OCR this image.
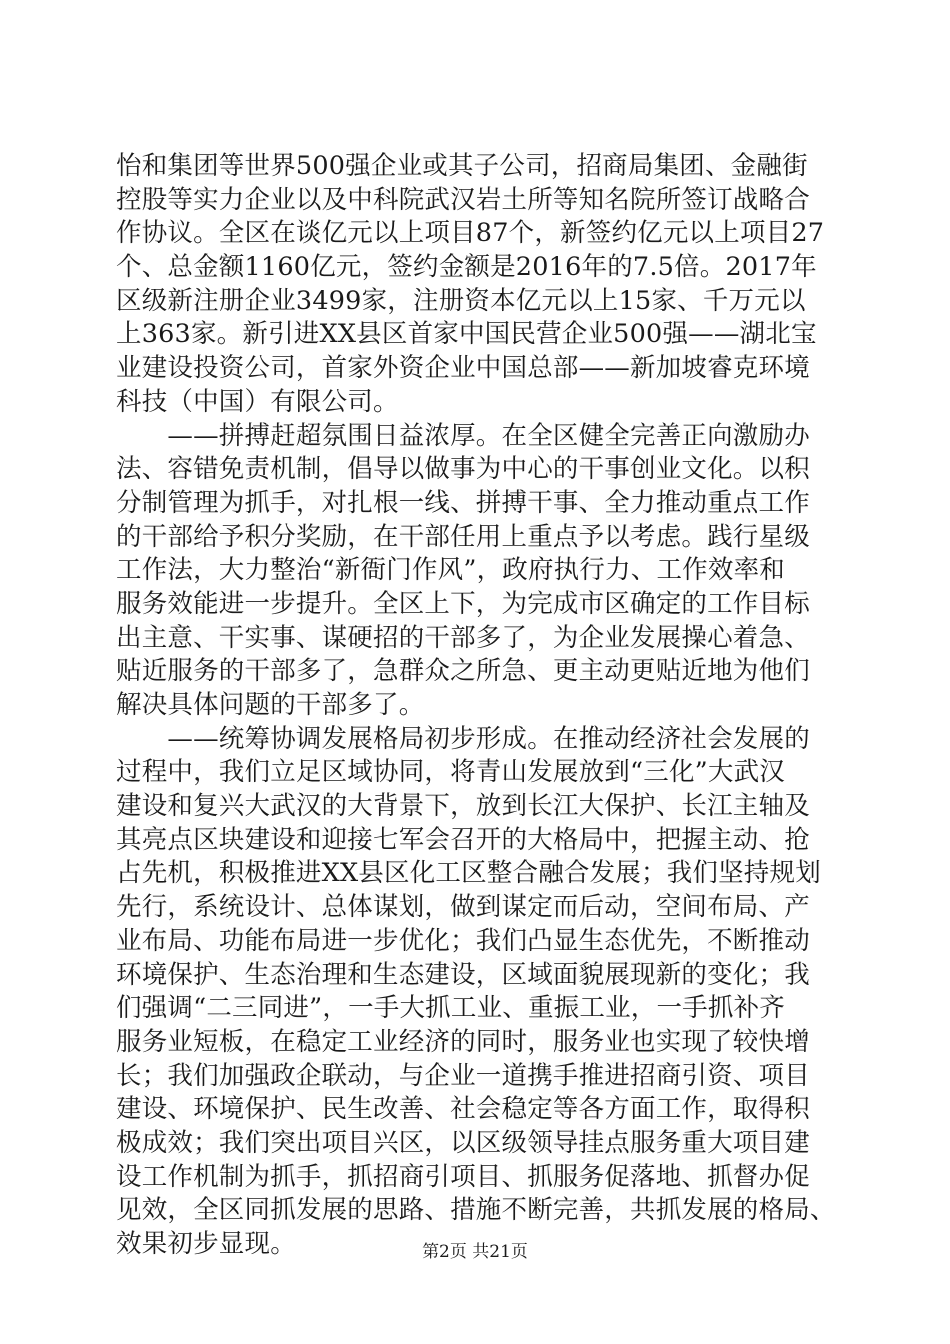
怡和集团等世界500强企业或其子公司，招商局集团、金融街
控股等实力企业以及中科院武汉岩土所等知名院所签订战略合
作协议。全区在谈亿元以上项目87个，新签约亿元以上项目27
个、总金额1160亿元，签约金额是2016年的7.5倍。2017年
区级新注册企业3499家，注册资本亿元以上15家、千万元以
上363家。新引进XX县区首家中国民营企业500强——湖北宝
业建设投资公司，首家外资企业中国总部——新加坡睿克环境
科技（中国）有限公司。
　　——拼搏赶超氛围日益浓厚。在全区健全完善正向激励办
法、容错免责机制，倡导以做事为中心的干事创业文化。以积
分制管理为抓手，对扎根一线、拼搏干事、全力推动重点工作
的干部给予积分奖励，在干部任用上重点予以考虑。践行星级
工作法，大力整治“新衙门作风”，政府执行力、工作效率和
服务效能进一步提升。全区上下，为完成市区确定的工作目标
出主意、干实事、谋硬招的干部多了，为企业发展操心着急、
贴近服务的干部多了，急群众之所急、更主动更贴近地为他们
解决具体问题的干部多了。
　　——统筹协调发展格局初步形成。在推动经济社会发展的
过程中，我们立足区域协同，将青山发展放到“三化”大武汉
建设和复兴大武汉的大背景下，放到长江大保护、长江主轴及
其亮点区块建设和迎接七军会召开的大格局中，把握主动、抢
占先机，积极推进XX县区化工区整合融合发展；我们坚持规划
先行，系统设计、总体谋划，做到谋定而后动，空间布局、产
业布局、功能布局进一步优化；我们凸显生态优先，不断推动
环境保护、生态治理和生态建设，区域面貌展现新的变化；我
们强调“二三同进”，一手大抓工业、重振工业，一手抓补齐
服务业短板，在稳定工业经济的同时，服务业也实现了较快增
长；我们加强政企联动，与企业一道携手推进招商引资、项目
建设、环境保护、民生改善、社会稳定等各方面工作，取得积
极成效；我们突出项目兴区，以区级领导挂点服务重大项目建
设工作机制为抓手，抓招商引项目、抓服务促落地、抓督办促
见效，全区同抓发展的思路、措施不断完善，共抓发展的格局、
效果初步显现。	第2页 共21页
